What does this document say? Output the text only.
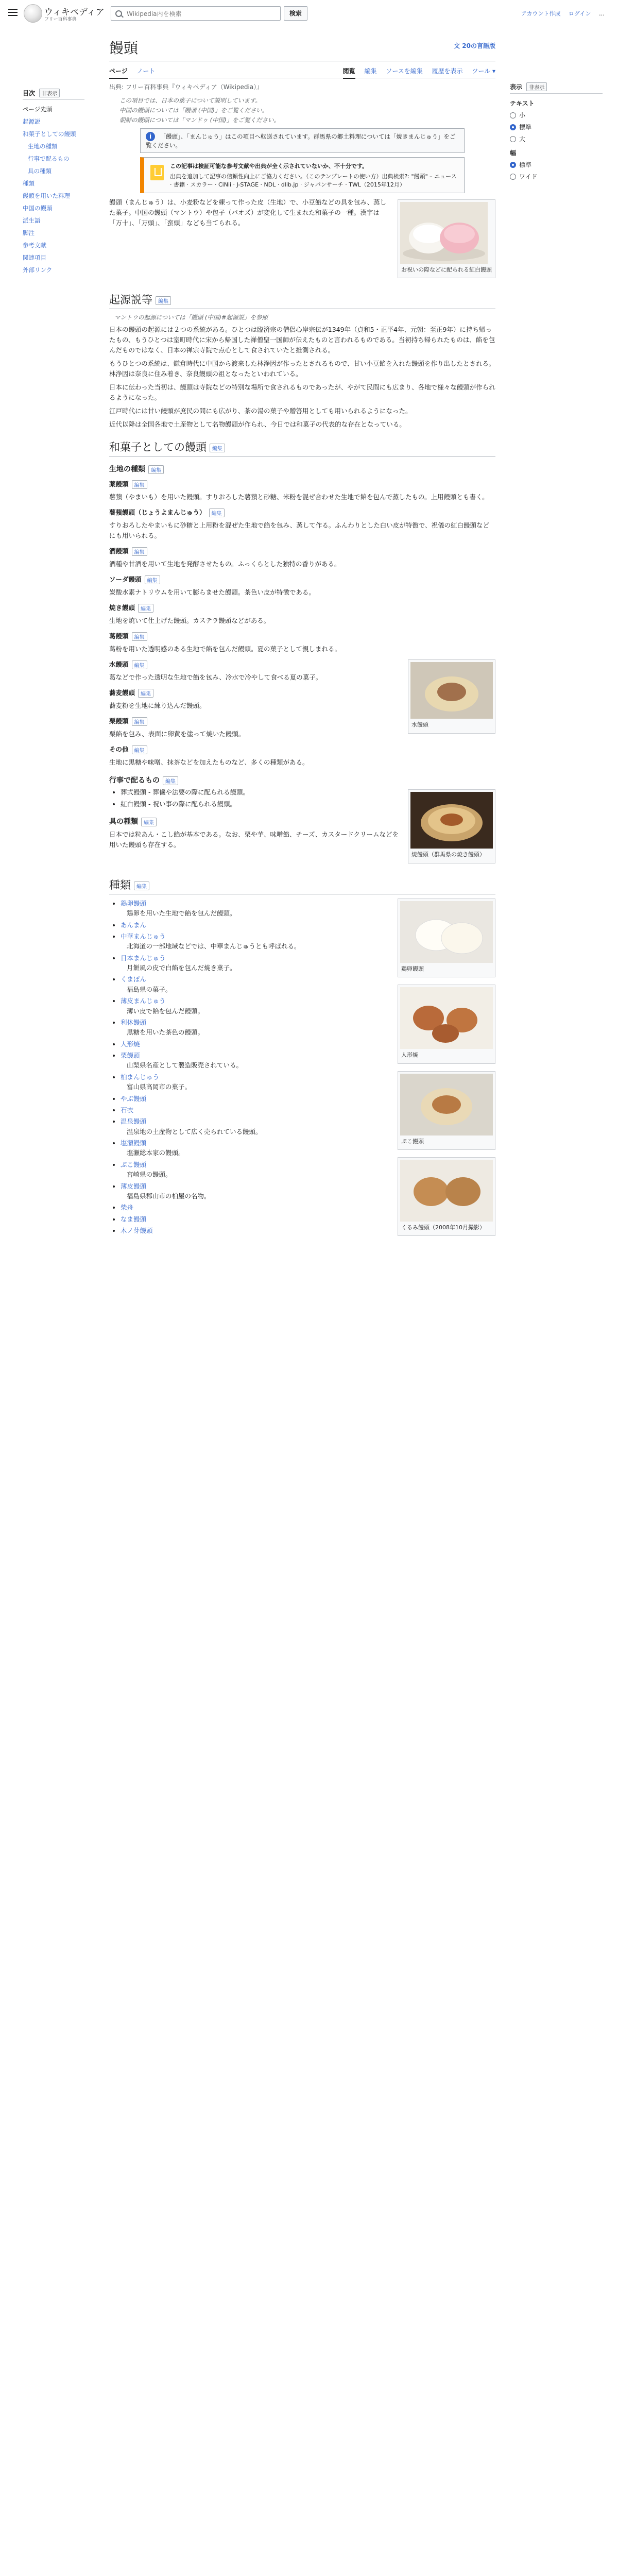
ウィキペディア
フリー百科事典
Wikipedia内を検索
検索	アカウント作成 ログイン …
目次 非表示
ページ先頭
起源説
和菓子としての饅頭
生地の種類
行事で配るもの
具の種類
種類
饅頭を用いた料理
中国の饅頭
派生語
脚注
参考文献
関連項目
外部リンク
表示 非表示
テキスト
小
標準
大
幅
標準
ワイド
饅頭	文 20の言語版
ページ ノート	閲覧 編集 ソースを編集 履歴を表示 ツール ▾
出典: フリー百科事典『ウィキペディア（Wikipedia）』
この項目では、日本の菓子について説明しています。
中国の饅頭については「饅頭 (中国)」をご覧ください。
朝鮮の饅頭については「マンドゥ (中国)」をご覧ください。
i 「饅頭」、「まんじゅう」はこの項目へ転送されています。群馬県の郷土料理については「焼きまんじゅう」をご覧ください。
この記事は検証可能な参考文献や出典が全く示されていないか、不十分です。
出典を追加して記事の信頼性向上にご協力ください。（このテンプレートの使い方）出典検索?: "饅頭" – ニュース · 書籍 · スカラー · CiNii · J-STAGE · NDL · dlib.jp · ジャパンサーチ · TWL（2015年12月）
お祝いの際などに配られる紅白饅頭

饅頭（まんじゅう）は、小麦粉などを練って作った皮（生地）で、小豆餡などの具を包み、蒸した菓子。中国の饅頭（マントウ）や包子（パオズ）が変化して生まれた和菓子の一種。漢字は「万十」、「万頭」、「蛮頭」なども当てられる。

起源説等 編集
マントウの起源については「饅頭 (中国)#起源説」を参照

日本の饅頭の起源には２つの系統がある。ひとつは臨済宗の僧侶心岸宗伝が1349年（貞和5・正平4年、元朝：至正9年）に持ち帰ったもの、もうひとつは室町時代に宋から帰国した禅僧聖一国師が伝えたものと言われるものである。当初持ち帰られたものは、餡を包んだものではなく、日本の禅宗寺院で点心として食されていたと推測される。

もうひとつの系統は、鎌倉時代に中国から渡来した林浄因が作ったとされるもので、甘い小豆餡を入れた饅頭を作り出したとされる。林浄因は奈良に住み着き、奈良饅頭の祖となったといわれている。

日本に伝わった当初は、饅頭は寺院などの特別な場所で食されるものであったが、やがて民間にも広まり、各地で様々な饅頭が作られるようになった。

江戸時代には甘い饅頭が庶民の間にも広がり、茶の湯の菓子や贈答用としても用いられるようになった。

近代以降は全国各地で土産物として名物饅頭が作られ、今日では和菓子の代表的な存在となっている。

和菓子としての饅頭 編集
生地の種類 編集
薬饅頭 編集

薯蕷（やまいも）を用いた饅頭。すりおろした薯蕷と砂糖、米粉を混ぜ合わせた生地で餡を包んで蒸したもの。上用饅頭とも書く。

薯蕷饅頭（じょうよまんじゅう） 編集

すりおろしたやまいもに砂糖と上用粉を混ぜた生地で餡を包み、蒸して作る。ふんわりとした白い皮が特徴で、祝儀の紅白饅頭などにも用いられる。

酒饅頭 編集

酒種や甘酒を用いて生地を発酵させたもの。ふっくらとした独特の香りがある。

ソーダ饅頭 編集

炭酸水素ナトリウムを用いて膨らませた饅頭。茶色い皮が特徴である。

焼き饅頭 編集

生地を焼いて仕上げた饅頭。カステラ饅頭などがある。

葛饅頭 編集

葛粉を用いた透明感のある生地で餡を包んだ饅頭。夏の菓子として親しまれる。

水饅頭
水饅頭 編集

葛などで作った透明な生地で餡を包み、冷水で冷やして食べる夏の菓子。

蕎麦饅頭 編集

蕎麦粉を生地に練り込んだ饅頭。

栗饅頭 編集

栗餡を包み、表面に卵黄を塗って焼いた饅頭。

その他 編集

生地に黒糖や味噌、抹茶などを加えたものなど、多くの種類がある。

行事で配るもの 編集
焼饅頭（群馬県の焼き饅頭）
• 葬式饅頭 - 葬儀や法要の際に配られる饅頭。
• 紅白饅頭 - 祝い事の際に配られる饅頭。
具の種類 編集

日本では粒あん・こし餡が基本である。なお、栗や芋、味噌餡、チーズ、カスタードクリームなどを用いた饅頭も存在する。

種類 編集
鶏卵饅頭
人形焼
ぷこ饅頭
くるみ饅頭（2008年10月撮影）
• 鶏卵饅頭
鶏卵を用いた生地で餡を包んだ饅頭。
• あんまん
• 中華まんじゅう
北海道の一部地域などでは、中華まんじゅうとも呼ばれる。
• 日本まんじゅう
月餅風の皮で白餡を包んだ焼き菓子。
• くまぽん
福島県の菓子。
• 薄皮まんじゅう
薄い皮で餡を包んだ饅頭。
• 利休饅頭
黒糖を用いた茶色の饅頭。
• 人形焼
• 栗饅頭
山梨県名産として製造販売されている。
• 柏まんじゅう
富山県高岡市の菓子。
• やぶ饅頭
• 石衣
• 温泉饅頭
温泉地の土産物として広く売られている饅頭。
• 塩瀬饅頭
塩瀬総本家の饅頭。
• ぷこ饅頭
宮崎県の饅頭。
• 薄皮饅頭
福島県郡山市の柏屋の名物。
• 柴舟
• なま饅頭
• 木ノ芽饅頭
